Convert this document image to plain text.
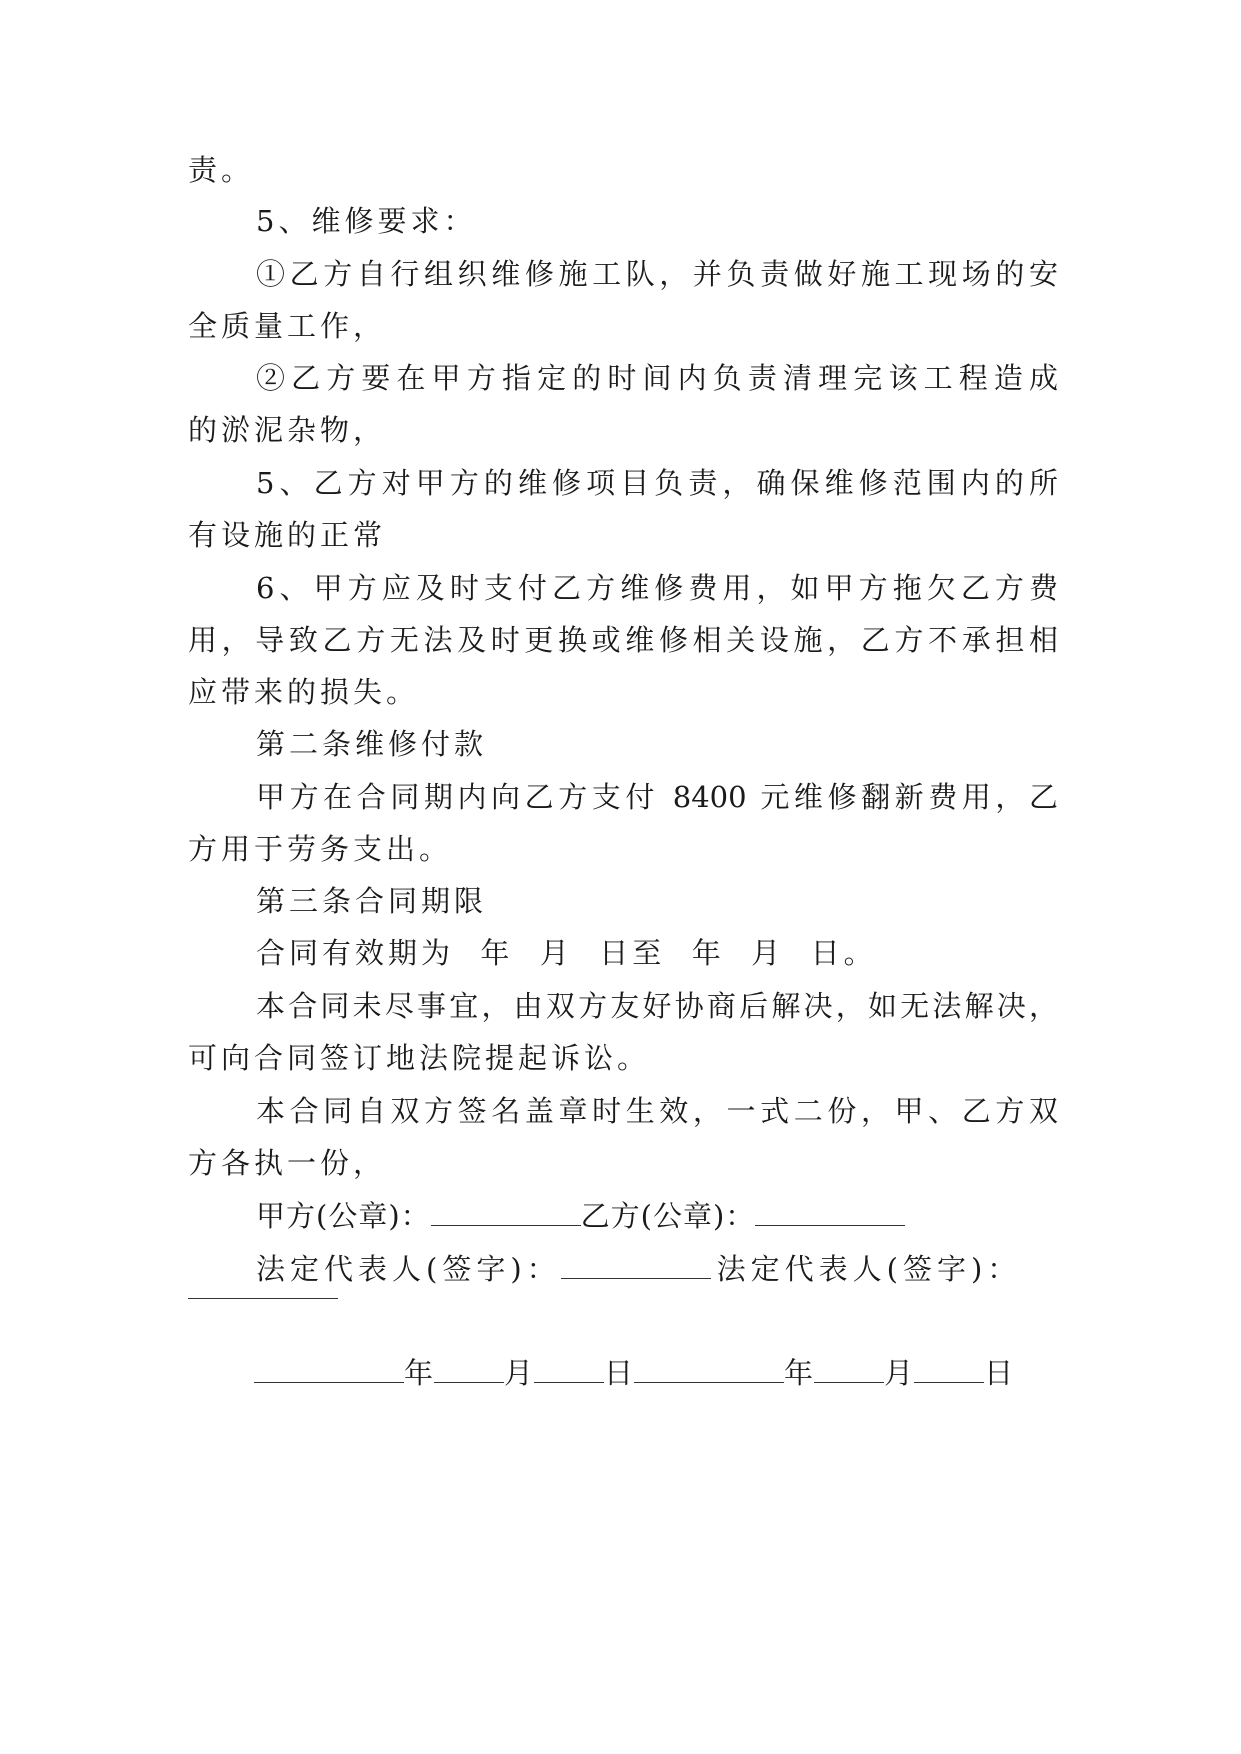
责。
5、维修要求：
①乙方自行组织维修施工队，并负责做好施工现场的安
全质量工作，
②乙方要在甲方指定的时间内负责清理完该工程造成
的淤泥杂物，
5、乙方对甲方的维修项目负责，确保维修范围内的所
有设施的正常
6、甲方应及时支付乙方维修费用，如甲方拖欠乙方费
用，导致乙方无法及时更换或维修相关设施，乙方不承担相
应带来的损失。
第二条维修付款
甲方在合同期内向乙方支付 8400 元维修翻新费用，乙
方用于劳务支出。
第三条合同期限
合同有效期为  年  月  日至  年  月  日。
本合同未尽事宜，由双方友好协商后解决，如无法解决，
可向合同签订地法院提起诉讼。
本合同自双方签名盖章时生效，一式二份，甲、乙方双
方各执一份，
甲方(公章)：	乙方(公章)：
法定代表人(签字)：	法定代表人(签字)：
年 月 日	年 月 日
